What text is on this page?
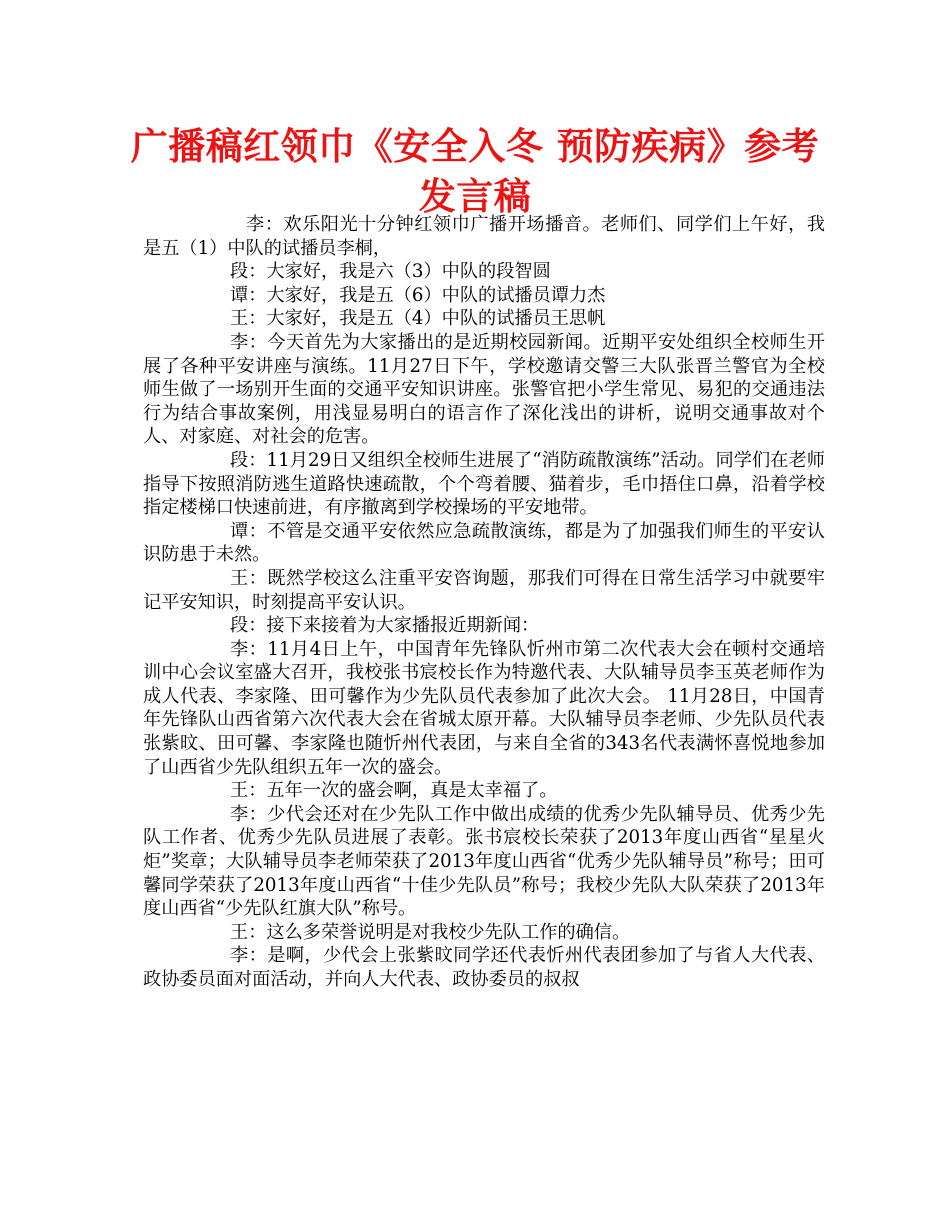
广播稿红领巾《安全入冬 预防疾病》参考发言稿

李：欢乐阳光十分钟红领巾广播开场播音。老师们、同学们上午好，我是五（1）中队的试播员李桐，

段：大家好，我是六（3）中队的段智圆

谭：大家好，我是五（6）中队的试播员谭力杰

王：大家好，我是五（4）中队的试播员王思帆

李：今天首先为大家播出的是近期校园新闻。近期平安处组织全校师生开展了各种平安讲座与演练。11月27日下午，学校邀请交警三大队张晋兰警官为全校师生做了一场别开生面的交通平安知识讲座。张警官把小学生常见、易犯的交通违法行为结合事故案例，用浅显易明白的语言作了深化浅出的讲析，说明交通事故对个人、对家庭、对社会的危害。

段：11月29日又组织全校师生进展了“消防疏散演练”活动。同学们在老师指导下按照消防逃生道路快速疏散，个个弯着腰、猫着步，毛巾捂住口鼻，沿着学校指定楼梯口快速前进，有序撤离到学校操场的平安地带。

谭：不管是交通平安依然应急疏散演练，都是为了加强我们师生的平安认识防患于未然。

王：既然学校这么注重平安咨询题，那我们可得在日常生活学习中就要牢记平安知识，时刻提高平安认识。

段：接下来接着为大家播报近期新闻：

李：11月4日上午，中国青年先锋队忻州市第二次代表大会在顿村交通培训中心会议室盛大召开，我校张书宸校长作为特邀代表、大队辅导员李玉英老师作为成人代表、李家隆、田可馨作为少先队员代表参加了此次大会。 11月28日，中国青年先锋队山西省第六次代表大会在省城太原开幕。大队辅导员李老师、少先队员代表张紫旼、田可馨、李家隆也随忻州代表团，与来自全省的343名代表满怀喜悦地参加了山西省少先队组织五年一次的盛会。

王：五年一次的盛会啊，真是太幸福了。

李：少代会还对在少先队工作中做出成绩的优秀少先队辅导员、优秀少先队工作者、优秀少先队员进展了表彰。张书宸校长荣获了2013年度山西省“星星火炬”奖章；大队辅导员李老师荣获了2013年度山西省“优秀少先队辅导员”称号；田可馨同学荣获了2013年度山西省“十佳少先队员”称号；我校少先队大队荣获了2013年度山西省“少先队红旗大队”称号。

王：这么多荣誉说明是对我校少先队工作的确信。

李：是啊，少代会上张紫旼同学还代表忻州代表团参加了与省人大代表、政协委员面对面活动，并向人大代表、政协委员的叔叔
